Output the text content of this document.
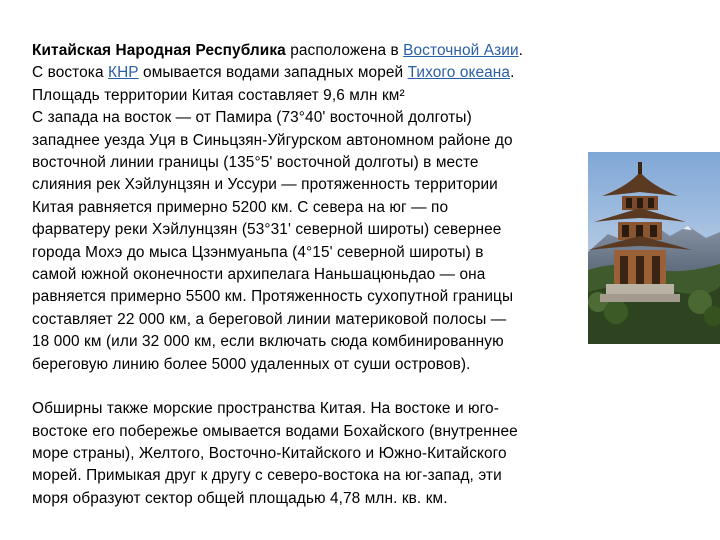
Китайская Народная Республика расположена в Восточной Азии.
С востока КНР омывается водами западных морей Тихого океана.
Площадь территории Китая составляет 9,6 млн км²
С запада на восток — от Памира (73°40' восточной долготы)
западнее уезда Уця в Синьцзян-Уйгурском автономном районе до
восточной линии границы (135°5' восточной долготы) в месте
слияния рек Хэйлунцзян и Уссури — протяженность территории
Китая равняется примерно 5200 км. С севера на юг — по
фарватеру реки Хэйлунцзян (53°31' северной широты) севернее
города Мохэ до мыса Цзэнмуаньпа (4°15' северной широты) в
самой южной оконечности архипелага Наньшацюньдао — она
равняется примерно 5500 км. Протяженность сухопутной границы
составляет 22 000 км, а береговой линии материковой полосы —
18 000 км (или 32 000 км, если включать сюда комбинированную
береговую линию более 5000 удаленных от суши островов).

Обширны также морские пространства Китая. На востоке и юго-
востоке его побережье омывается водами Бохайского (внутреннее
море страны), Желтого, Восточно-Китайского и Южно-Китайского
морей. Примыкая друг к другу с северо-востока на юг-запад, эти
моря образуют сектор общей площадью 4,78 млн. кв. км.
